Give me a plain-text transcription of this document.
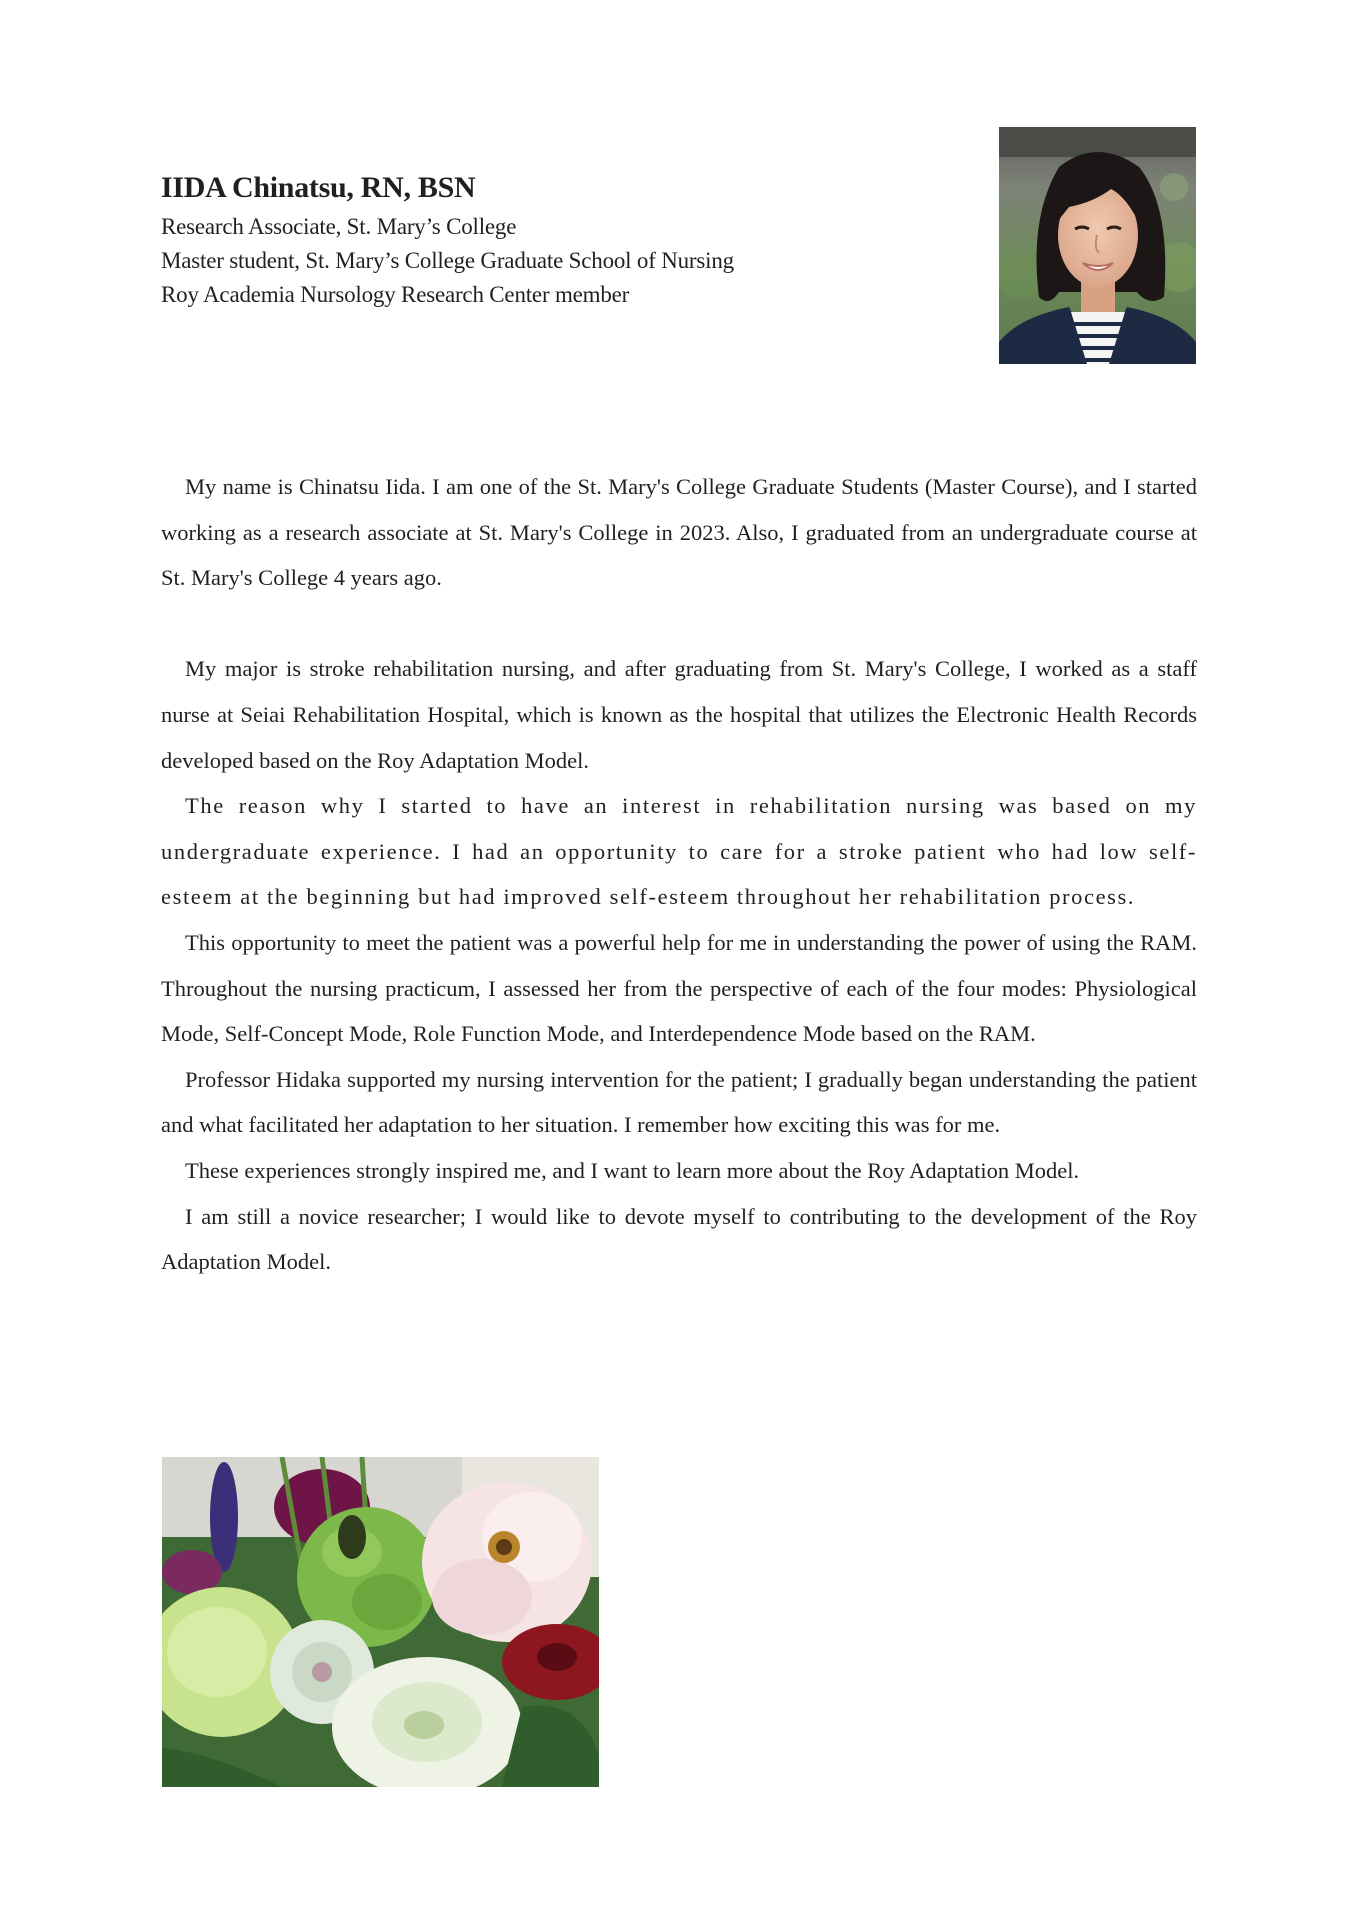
IIDA Chinatsu, RN, BSN
Research Associate, St. Mary’s College
Master student, St. Mary’s College Graduate School of Nursing
Roy Academia Nursology Research Center member

My name is Chinatsu Iida. I am one of the St. Mary's College Graduate Students (Master Course), and I started working as a research associate at St. Mary's College in 2023. Also, I graduated from an undergraduate course at St. Mary's College 4 years ago.

My major is stroke rehabilitation nursing, and after graduating from St. Mary's College, I worked as a staff nurse at Seiai Rehabilitation Hospital, which is known as the hospital that utilizes the Electronic Health Records developed based on the Roy Adaptation Model.

The reason why I started to have an interest in rehabilitation nursing was based on my undergraduate experience. I had an opportunity to care for a stroke patient who had low self-esteem at the beginning but had improved self-esteem throughout her rehabilitation process.

This opportunity to meet the patient was a powerful help for me in understanding the power of using the RAM. Throughout the nursing practicum, I assessed her from the perspective of each of the four modes: Physiological Mode, Self-Concept Mode, Role Function Mode, and Interdependence Mode based on the RAM.

Professor Hidaka supported my nursing intervention for the patient; I gradually began understanding the patient and what facilitated her adaptation to her situation. I remember how exciting this was for me.

These experiences strongly inspired me, and I want to learn more about the Roy Adaptation Model.

I am still a novice researcher; I would like to devote myself to contributing to the development of the Roy Adaptation Model.
